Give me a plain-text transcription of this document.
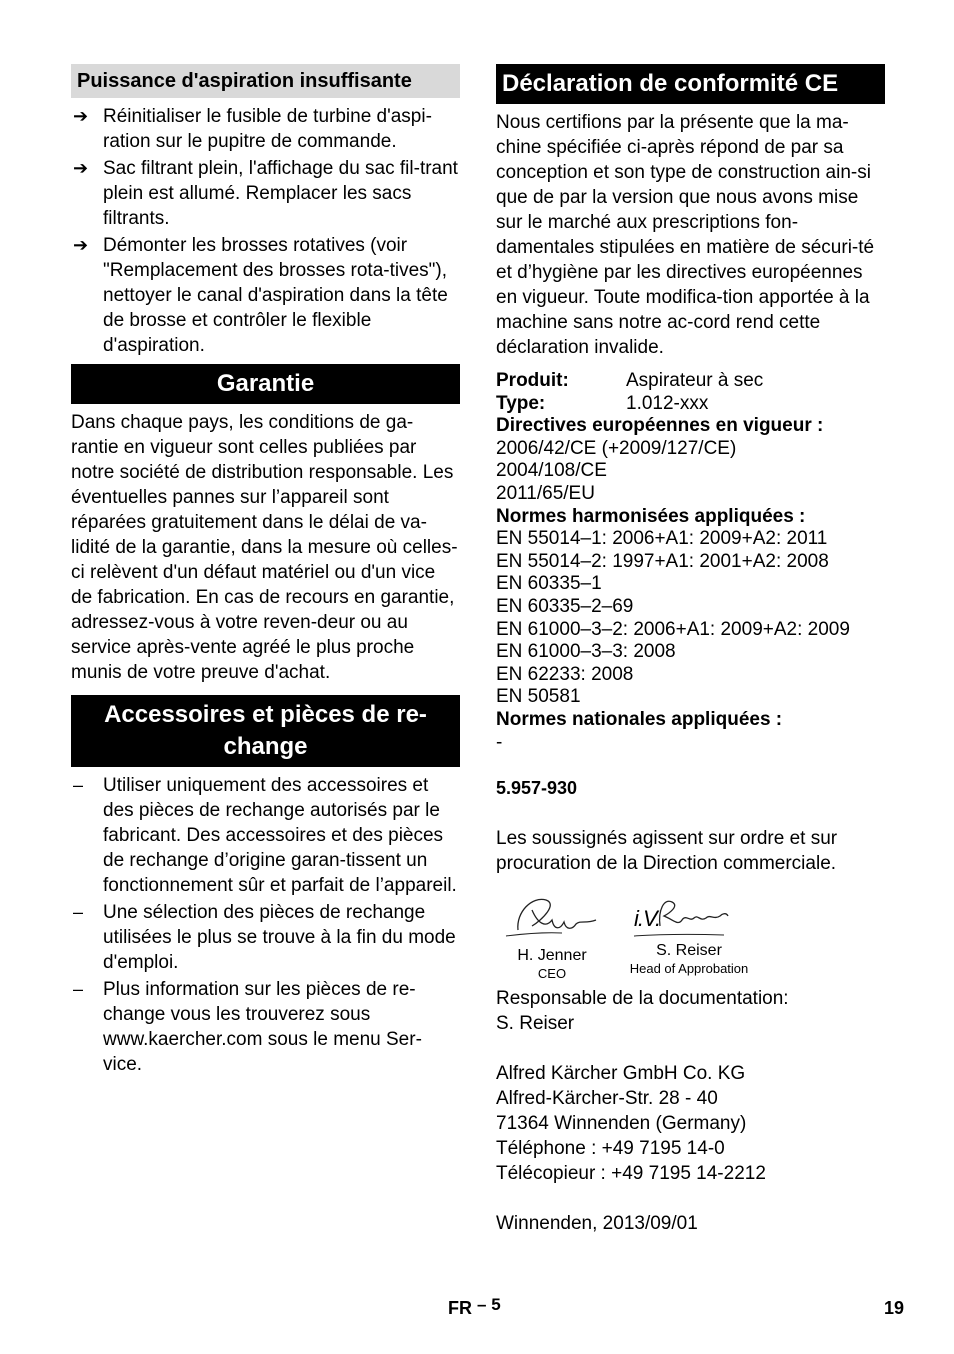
Puissance d'aspiration insuffisante
➔ Réinitialiser le fusible de turbine d'aspi-ration sur le pupitre de commande.
➔ Sac filtrant plein, l'affichage du sac fil-trant plein est allumé. Remplacer les sacs filtrants.
➔ Démonter les brosses rotatives (voir "Remplacement des brosses rota-tives"), nettoyer le canal d'aspiration dans la tête de brosse et contrôler le flexible d'aspiration.
Garantie

Dans chaque pays, les conditions de ga-rantie en vigueur sont celles publiées par notre société de distribution responsable. Les éventuelles pannes sur l’appareil sont réparées gratuitement dans le délai de va-lidité de la garantie, dans la mesure où celles-ci relèvent d'un défaut matériel ou d'un vice de fabrication. En cas de recours en garantie, adressez-vous à votre reven-deur ou au service après-vente agréé le plus proche munis de votre preuve d'achat.

Accessoires et pièces de re-change
– Utiliser uniquement des accessoires et des pièces de rechange autorisés par le fabricant. Des accessoires et des pièces de rechange d’origine garan-tissent un fonctionnement sûr et parfait de l’appareil.
– Une sélection des pièces de rechange utilisées le plus se trouve à la fin du mode d'emploi.
– Plus information sur les pièces de re-change vous les trouverez sous www.kaercher.com sous le menu Ser-vice.
Déclaration de conformité CE

Nous certifions par la présente que la ma-chine spécifiée ci-après répond de par sa conception et son type de construction ain-si que de par la version que nous avons mise sur le marché aux prescriptions fon-damentales stipulées en matière de sécuri-té et d’hygiène par les directives européennes en vigueur. Toute modifica-tion apportée à la machine sans notre ac-cord rend cette déclaration invalide.

Produit:	Aspirateur à sec
Type:	1.012-xxx
Directives européennes en vigueur :
2006/42/CE (+2009/127/CE)
2004/108/CE
2011/65/EU
Normes harmonisées appliquées :
EN 55014–1: 2006+A1: 2009+A2: 2011
EN 55014–2: 1997+A1: 2001+A2: 2008
EN 60335–1
EN 60335–2–69
EN 61000–3–2: 2006+A1: 2009+A2: 2009
EN 61000–3–3: 2008
EN 62233: 2008
EN 50581
Normes nationales appliquées :
-
5.957-930

Les soussignés agissent sur ordre et sur procuration de la Direction commerciale.

H. Jenner
CEO
i.V.
S. Reiser
Head of Approbation

Responsable de la documentation:

S. Reiser

Alfred Kärcher GmbH Co. KG

Alfred-Kärcher-Str. 28 - 40

71364 Winnenden (Germany)

Téléphone : +49 7195 14-0

Télécopieur : +49 7195 14-2212

Winnenden, 2013/09/01

FR – 5	19
